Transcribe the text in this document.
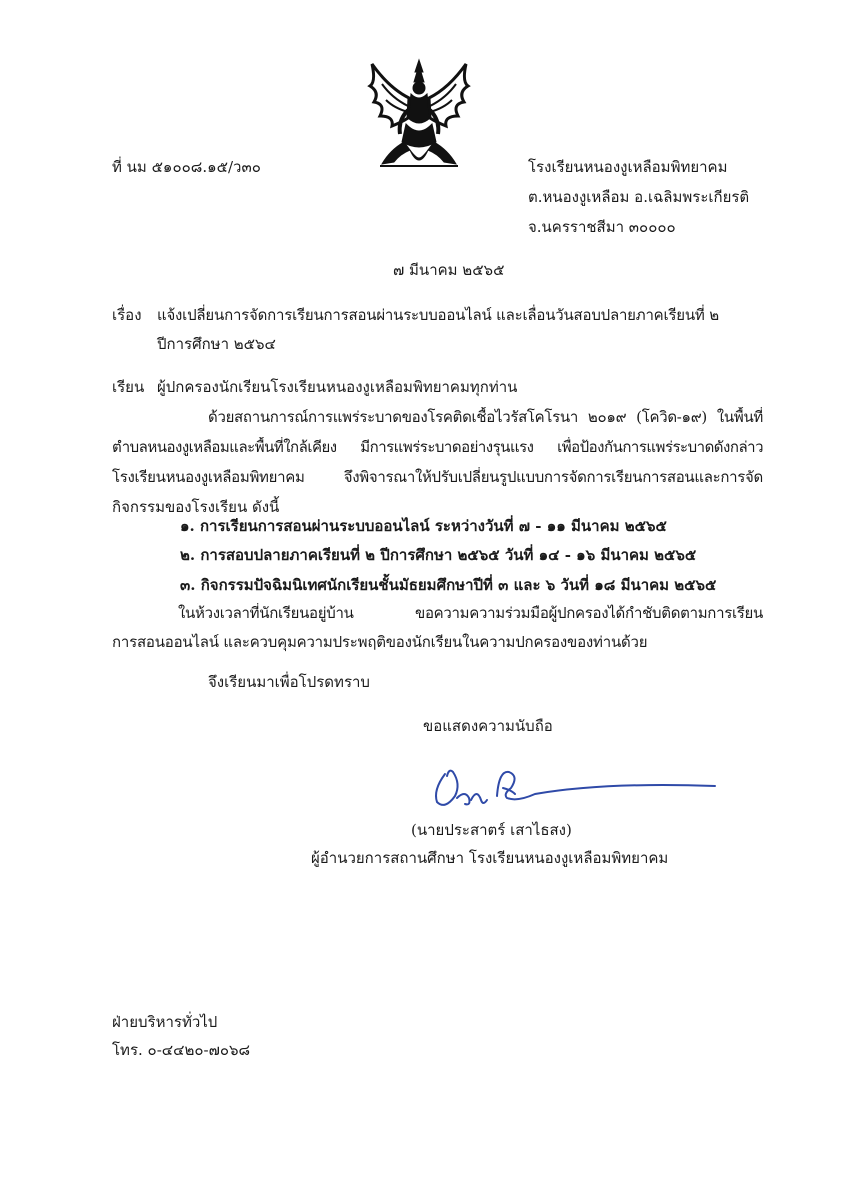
ที่ นม ๕๑๐๐๘.๑๕/ว๓๐	โรงเรียนหนองงูเหลือมพิทยาคม
ต.หนองงูเหลือม อ.เฉลิมพระเกียรติ
จ.นครราชสีมา ๓๐๐๐๐
๗ มีนาคม ๒๕๖๕
เรื่อง แจ้งเปลี่ยนการจัดการเรียนการสอนผ่านระบบออนไลน์ และเลื่อนวันสอบปลายภาคเรียนที่ ๒
ปีการศึกษา ๒๕๖๔
เรียน ผู้ปกครองนักเรียนโรงเรียนหนองงูเหลือมพิทยาคมทุกท่าน
ด้วยสถานการณ์การแพร่ระบาดของโรคติดเชื้อไวรัสโคโรนา ๒๐๑๙ (โควิด-๑๙) ในพื้นที่
ตำบลหนองงูเหลือมและพื้นที่ใกล้เคียง มีการแพร่ระบาดอย่างรุนแรง เพื่อป้องกันการแพร่ระบาดดังกล่าว
โรงเรียนหนองงูเหลือมพิทยาคม จึงพิจารณาให้ปรับเปลี่ยนรูปแบบการจัดการเรียนการสอนและการจัด
กิจกรรมของโรงเรียน ดังนี้
๑. การเรียนการสอนผ่านระบบออนไลน์ ระหว่างวันที่ ๗ - ๑๑ มีนาคม ๒๕๖๕
๒. การสอบปลายภาคเรียนที่ ๒ ปีการศึกษา ๒๕๖๕ วันที่ ๑๔ - ๑๖ มีนาคม ๒๕๖๕
๓. กิจกรรมปัจฉิมนิเทศนักเรียนชั้นมัธยมศึกษาปีที่ ๓ และ ๖ วันที่ ๑๘ มีนาคม ๒๕๖๕
ในห้วงเวลาที่นักเรียนอยู่บ้าน ขอความความร่วมมือผู้ปกครองได้กำชับติดตามการเรียน
การสอนออนไลน์ และควบคุมความประพฤติของนักเรียนในความปกครองของท่านด้วย
จึงเรียนมาเพื่อโปรดทราบ
ขอแสดงความนับถือ
(นายประสาตร์ เสาไธสง)
ผู้อำนวยการสถานศึกษา โรงเรียนหนองงูเหลือมพิทยาคม
ฝ่ายบริหารทั่วไป
โทร. ๐-๔๔๒๐-๗๐๖๘
